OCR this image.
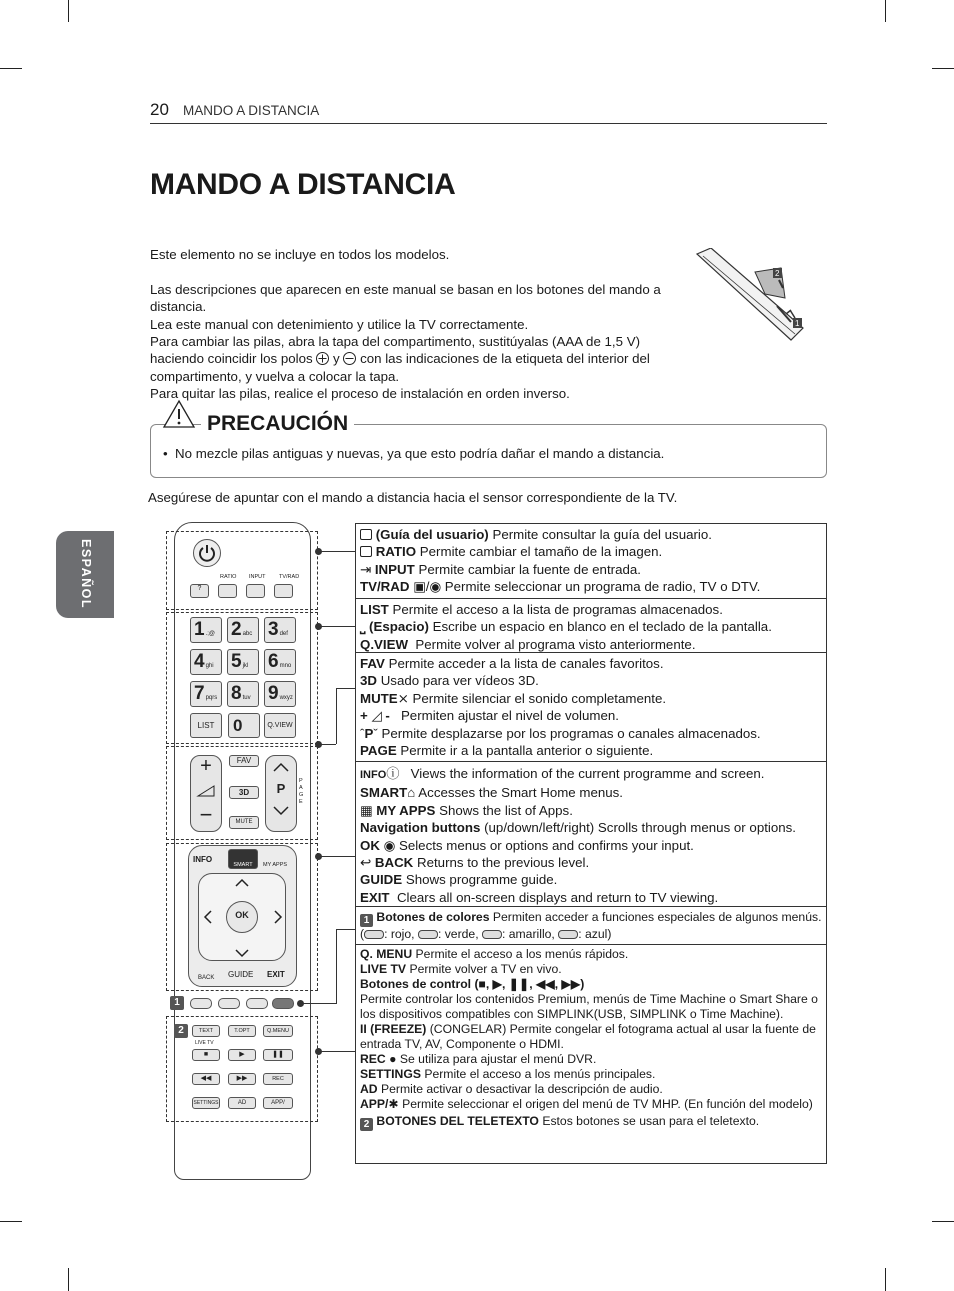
20 MANDO A DISTANCIA
MANDO A DISTANCIA
ESPAÑOL
Este elemento no se incluye en todos los modelos.
Las descripciones que aparecen en este manual se basan en los botones del mando a distancia.
Lea este manual con detenimiento y utilice la TV correctamente.
Para cambiar las pilas, abra la tapa del compartimento, sustitúyalas (AAA de 1,5 V)
haciendo coincidir los polos y con las indicaciones de la etiqueta del interior del
compartimento, y vuelva a colocar la tapa.
Para quitar las pilas, realice el proceso de instalación en orden inverso.
2
1
PRECAUCIÓN
•  No mezcle pilas antiguas y nuevas, ya que esto podría dañar el mando a distancia.
Asegúrese de apuntar con el mando a distancia hacia el sensor correspondiente de la TV.
RATIO INPUT TV/RAD
?
1.;@ 2abc 3def
4ghi 5jkl	6mno
7pqrs 8tuv 9wxyz
LIST	0	Q.VIEW
+
−
FAV
3D
MUTE
P	PAGE
INFO
SMART	MY APPS
OK
BACK GUIDE EXIT
TEXT	T.OPT	Q.MENU
LIVE TV
■	▶	❚❚
◀◀	▶▶	REC
SETTINGS	AD	APP/
1
2

(Guía del usuario) Permite consultar la guía del usuario.

RATIO Permite cambiar el tamaño de la imagen.

⇥ INPUT Permite cambiar la fuente de entrada.

TV/RAD ▣/◉ Permite seleccionar un programa de radio, TV o DTV.

LIST Permite el acceso a la lista de programas almacenados.

⎵ (Espacio) Escribe un espacio en blanco en el teclado de la pantalla.

Q.VIEW Permite volver al programa visto anteriormente.

FAV Permite acceder a la lista de canales favoritos.

3D Usado para ver vídeos 3D.

MUTE⨯ Permite silenciar el sonido completamente.

+ ◿ - Permiten ajustar el nivel de volumen.

ˆPˇ Permite desplazarse por los programas o canales almacenados.

PAGE Permite ir a la pantalla anterior o siguiente.

INFOⓘ Views the information of the current programme and screen.

SMART⌂ Accesses the Smart Home menus.

▦ MY APPS Shows the list of Apps.

Navigation buttons (up/down/left/right) Scrolls through menus or options.

OK ◉ Selects menus or options and confirms your input.

↩ BACK Returns to the previous level.

GUIDE Shows programme guide.

EXIT Clears all on-screen displays and return to TV viewing.

1 Botones de colores Permiten acceder a funciones especiales de algunos menús.

( : rojo, : verde, : amarillo, : azul)

Q. MENU Permite el acceso a los menús rápidos.

LIVE TV Permite volver a TV en vivo.

Botones de control (■, ▶, ❚❚, ◀◀, ▶▶)

Permite controlar los contenidos Premium, menús de Time Machine o Smart Share o los dispositivos compatibles con SIMPLINK(USB, SIMPLINK o Time Machine).

II (FREEZE) (CONGELAR) Permite congelar el fotograma actual al usar la fuente de entrada TV, AV, Componente o HDMI.

REC ● Se utiliza para ajustar el menú DVR.

SETTINGS Permite el acceso a los menús principales.

AD Permite activar o desactivar la descripción de audio.

APP/✱ Permite seleccionar el origen del menú de TV MHP. (En función del modelo)

2 BOTONES DEL TELETEXTO Estos botones se usan para el teletexto.
